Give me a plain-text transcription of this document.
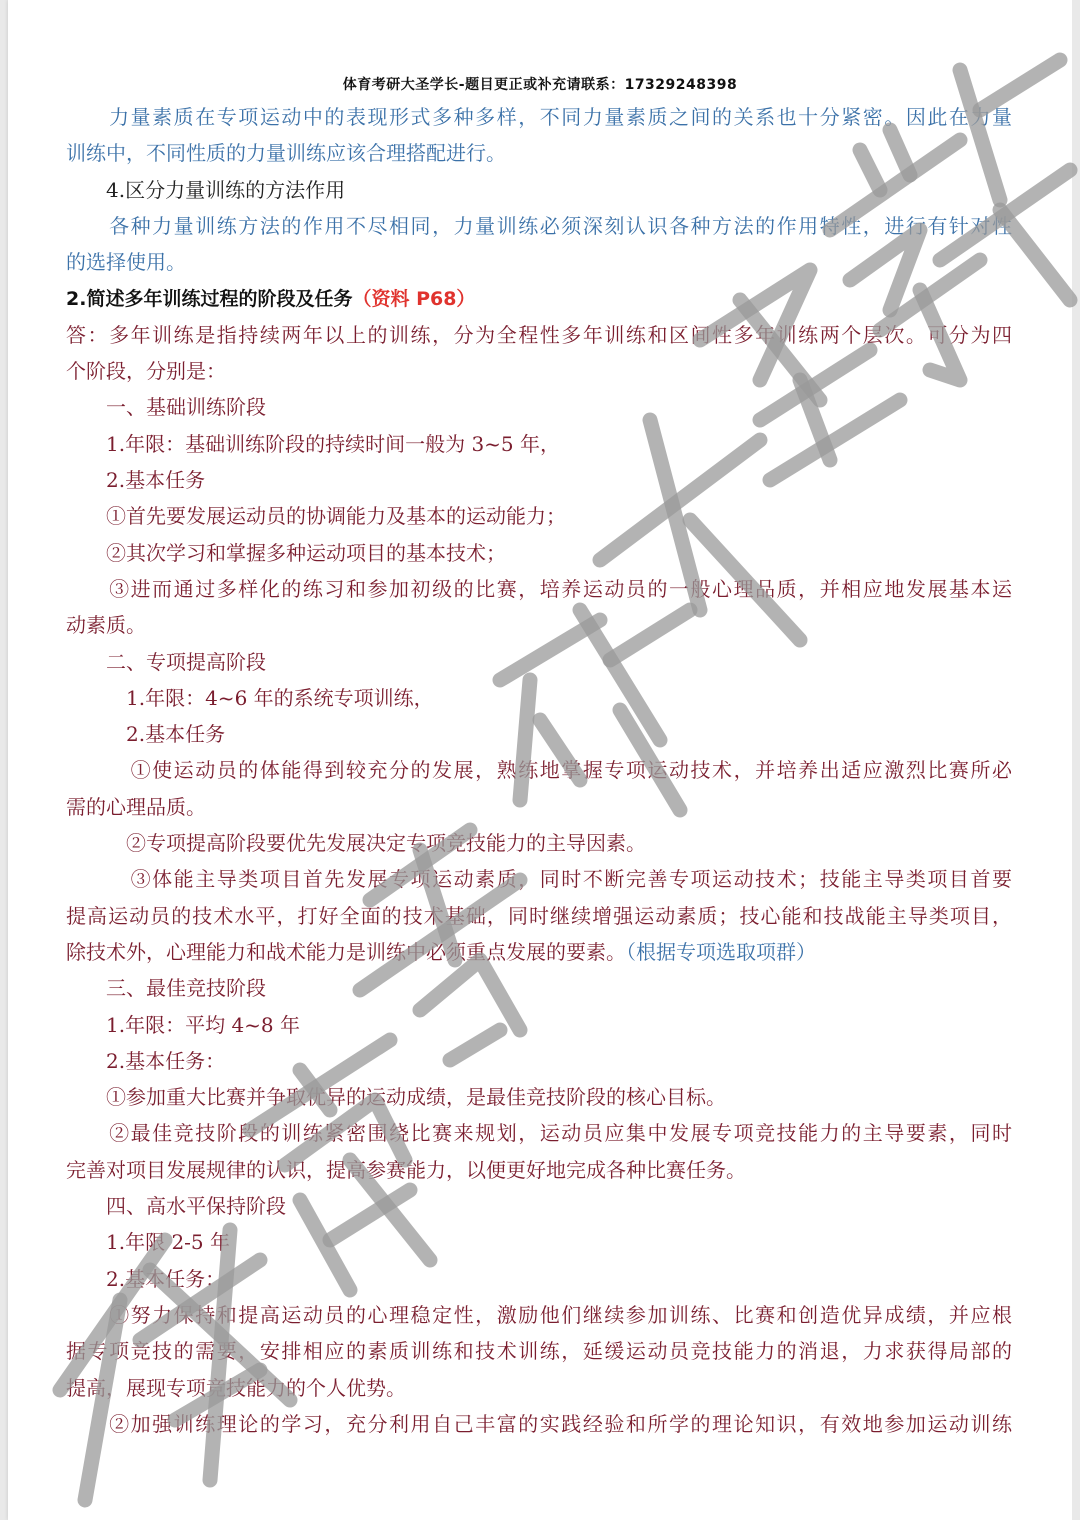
体育考研大圣学长-题目更正或补充请联系：17329248398
　　力量素质在专项运动中的表现形式多种多样，不同力量素质之间的关系也十分紧密。因此在力量
训练中，不同性质的力量训练应该合理搭配进行。
　　4.区分力量训练的方法作用
　　各种力量训练方法的作用不尽相同，力量训练必须深刻认识各种方法的作用特性，进行有针对性
的选择使用。
2.简述多年训练过程的阶段及任务（资料 P68）
答：多年训练是指持续两年以上的训练，分为全程性多年训练和区间性多年训练两个层次。可分为四
个阶段，分别是：
　　一、基础训练阶段
　　1.年限：基础训练阶段的持续时间一般为 3~5 年，
　　2.基本任务
　　①首先要发展运动员的协调能力及基本的运动能力；
　　②其次学习和掌握多种运动项目的基本技术；
　　③进而通过多样化的练习和参加初级的比赛，培养运动员的一般心理品质，并相应地发展基本运
动素质。
　　二、专项提高阶段
　　　1.年限：4~6 年的系统专项训练，
　　　2.基本任务
　　　①使运动员的体能得到较充分的发展，熟练地掌握专项运动技术，并培养出适应激烈比赛所必
需的心理品质。
　　　②专项提高阶段要优先发展决定专项竞技能力的主导因素。
　　　③体能主导类项目首先发展专项运动素质，同时不断完善专项运动技术；技能主导类项目首要
提高运动员的技术水平，打好全面的技术基础，同时继续增强运动素质；技心能和技战能主导类项目，
除技术外，心理能力和战术能力是训练中必须重点发展的要素。（根据专项选取项群）
　　三、最佳竞技阶段
　　1.年限：平均 4~8 年
　　2.基本任务：
　　①参加重大比赛并争取优异的运动成绩，是最佳竞技阶段的核心目标。
　　②最佳竞技阶段的训练紧密围绕比赛来规划，运动员应集中发展专项竞技能力的主导要素，同时
完善对项目发展规律的认识，提高参赛能力，以便更好地完成各种比赛任务。
　　四、高水平保持阶段
　　1.年限 2-5 年
　　2.基本任务：
　　①努力保持和提高运动员的心理稳定性，激励他们继续参加训练、比赛和创造优异成绩，并应根
据专项竞技的需要，安排相应的素质训练和技术训练，延缓运动员竞技能力的消退，力求获得局部的
提高，展现专项竞技能力的个人优势。
　　②加强训练理论的学习，充分利用自己丰富的实践经验和所学的理论知识，有效地参加运动训练
